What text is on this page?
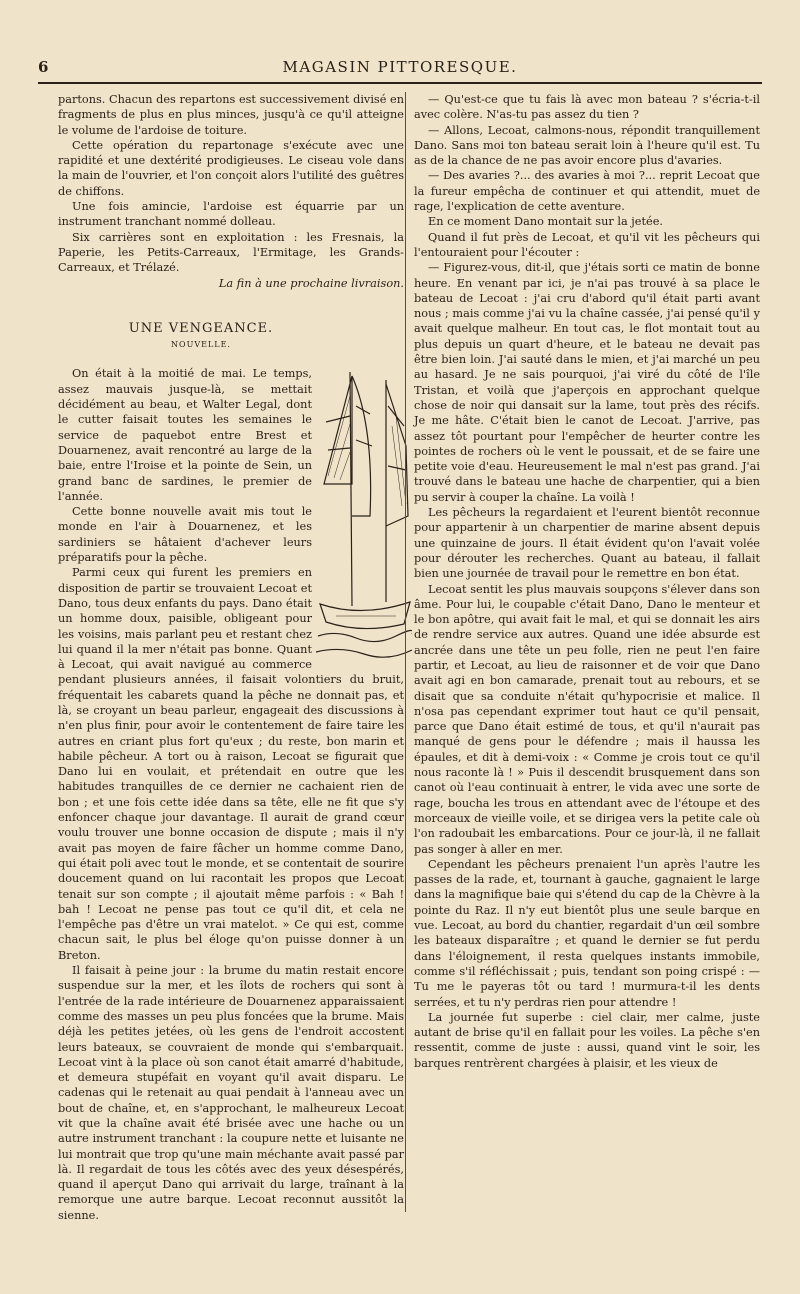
6	MAGASIN PITTORESQUE.

partons. Chacun des repartons est successivement divisé en fragments de plus en plus minces, jusqu'à ce qu'il atteigne le volume de l'ardoise de toiture.

Cette opération du repartonage s'exécute avec une rapidité et une dextérité prodigieuses. Le ciseau vole dans la main de l'ouvrier, et l'on conçoit alors l'utilité des guêtres de chiffons.

Une fois amincie, l'ardoise est équarrie par un instrument tranchant nommé dolleau.

Six carrières sont en exploitation : les Fresnais, la Paperie, les Petits-Carreaux, l'Ermitage, les Grands-Carreaux, et Trélazé.

La fin à une prochaine livraison.

UNE VENGEANCE.
NOUVELLE.

On était à la moitié de mai. Le temps, assez mauvais jusque-là, se mettait décidément au beau, et Walter Legal, dont le cutter faisait toutes les semaines le service de paquebot entre Brest et Douarnenez, avait rencontré au large de la baie, entre l'Iroise et la pointe de Sein, un grand banc de sardines, le premier de l'année.

Cette bonne nouvelle avait mis tout le monde en l'air à Douarnenez, et les sardiniers se hâtaient d'achever leurs préparatifs pour la pêche.

Parmi ceux qui furent les premiers en disposition de partir se trouvaient Lecoat et Dano, tous deux enfants du pays. Dano était un homme doux, paisible, obligeant pour les voisins, mais parlant peu et restant chez lui quand il la mer n'était pas bonne. Quant à Lecoat, qui avait navigué au commerce pendant plusieurs années, il faisait volontiers du bruit, fréquentait les cabarets quand la pêche ne donnait pas, et là, se croyant un beau parleur, engageait des discussions à n'en plus finir, pour avoir le contentement de faire taire les autres en criant plus fort qu'eux ; du reste, bon marin et habile pêcheur. A tort ou à raison, Lecoat se figurait que Dano lui en voulait, et prétendait en outre que les habitudes tranquilles de ce dernier ne cachaient rien de bon ; et une fois cette idée dans sa tête, elle ne fit que s'y enfoncer chaque jour davantage. Il aurait de grand cœur voulu trouver une bonne occasion de dispute ; mais il n'y avait pas moyen de faire fâcher un homme comme Dano, qui était poli avec tout le monde, et se contentait de sourire doucement quand on lui racontait les propos que Lecoat tenait sur son compte ; il ajoutait même parfois : « Bah ! bah ! Lecoat ne pense pas tout ce qu'il dit, et cela ne l'empêche pas d'être un vrai matelot. » Ce qui est, comme chacun sait, le plus bel éloge qu'on puisse donner à un Breton.

Il faisait à peine jour : la brume du matin restait encore suspendue sur la mer, et les îlots de rochers qui sont à l'entrée de la rade intérieure de Douarnenez apparaissaient comme des masses un peu plus foncées que la brume. Mais déjà les petites jetées, où les gens de l'endroit accostent leurs bateaux, se couvraient de monde qui s'embarquait. Lecoat vint à la place où son canot était amarré d'habitude, et demeura stupéfait en voyant qu'il avait disparu. Le cadenas qui le retenait au quai pendait à l'anneau avec un bout de chaîne, et, en s'approchant, le malheureux Lecoat vit que la chaîne avait été brisée avec une hache ou un autre instrument tranchant : la coupure nette et luisante ne lui montrait que trop qu'une main méchante avait passé par là. Il regardait de tous les côtés avec des yeux désespérés, quand il aperçut Dano qui arrivait du large, traînant à la remorque une autre barque. Lecoat reconnut aussitôt la sienne.

— Qu'est-ce que tu fais là avec mon bateau ? s'écria-t-il avec colère. N'as-tu pas assez du tien ?

— Allons, Lecoat, calmons-nous, répondit tranquillement Dano. Sans moi ton bateau serait loin à l'heure qu'il est. Tu as de la chance de ne pas avoir encore plus d'avaries.

— Des avaries ?... des avaries à moi ?... reprit Lecoat que la fureur empêcha de continuer et qui attendit, muet de rage, l'explication de cette aventure.

En ce moment Dano montait sur la jetée.

Quand il fut près de Lecoat, et qu'il vit les pêcheurs qui l'entouraient pour l'écouter :

— Figurez-vous, dit-il, que j'étais sorti ce matin de bonne heure. En venant par ici, je n'ai pas trouvé à sa place le bateau de Lecoat : j'ai cru d'abord qu'il était parti avant nous ; mais comme j'ai vu la chaîne cassée, j'ai pensé qu'il y avait quelque malheur. En tout cas, le flot montait tout au plus depuis un quart d'heure, et le bateau ne devait pas être bien loin. J'ai sauté dans le mien, et j'ai marché un peu au hasard. Je ne sais pourquoi, j'ai viré du côté de l'île Tristan, et voilà que j'aperçois en approchant quelque chose de noir qui dansait sur la lame, tout près des récifs. Je me hâte. C'était bien le canot de Lecoat. J'arrive, pas assez tôt pourtant pour l'empêcher de heurter contre les pointes de rochers où le vent le poussait, et de se faire une petite voie d'eau. Heureusement le mal n'est pas grand. J'ai trouvé dans le bateau une hache de charpentier, qui a bien pu servir à couper la chaîne. La voilà !

Les pêcheurs la regardaient et l'eurent bientôt reconnue pour appartenir à un charpentier de marine absent depuis une quinzaine de jours. Il était évident qu'on l'avait volée pour dérouter les recherches. Quant au bateau, il fallait bien une journée de travail pour le remettre en bon état.

Lecoat sentit les plus mauvais soupçons s'élever dans son âme. Pour lui, le coupable c'était Dano, Dano le menteur et le bon apôtre, qui avait fait le mal, et qui se donnait les airs de rendre service aux autres. Quand une idée absurde est ancrée dans une tête un peu folle, rien ne peut l'en faire partir, et Lecoat, au lieu de raisonner et de voir que Dano avait agi en bon camarade, prenait tout au rebours, et se disait que sa conduite n'était qu'hypocrisie et malice. Il n'osa pas cependant exprimer tout haut ce qu'il pensait, parce que Dano était estimé de tous, et qu'il n'aurait pas manqué de gens pour le défendre ; mais il haussa les épaules, et dit à demi-voix : « Comme je crois tout ce qu'il nous raconte là ! » Puis il descendit brusquement dans son canot où l'eau continuait à entrer, le vida avec une sorte de rage, boucha les trous en attendant avec de l'étoupe et des morceaux de vieille voile, et se dirigea vers la petite cale où l'on radoubait les embarcations. Pour ce jour-là, il ne fallait pas songer à aller en mer.

Cependant les pêcheurs prenaient l'un après l'autre les passes de la rade, et, tournant à gauche, gagnaient le large dans la magnifique baie qui s'étend du cap de la Chèvre à la pointe du Raz. Il n'y eut bientôt plus une seule barque en vue. Lecoat, au bord du chantier, regardait d'un œil sombre les bateaux disparaître ; et quand le dernier se fut perdu dans l'éloignement, il resta quelques instants immobile, comme s'il réfléchissait ; puis, tendant son poing crispé : — Tu me le payeras tôt ou tard ! murmura-t-il les dents serrées, et tu n'y perdras rien pour attendre !

La journée fut superbe : ciel clair, mer calme, juste autant de brise qu'il en fallait pour les voiles. La pêche s'en ressentit, comme de juste : aussi, quand vint le soir, les barques rentrèrent chargées à plaisir, et les vieux de
